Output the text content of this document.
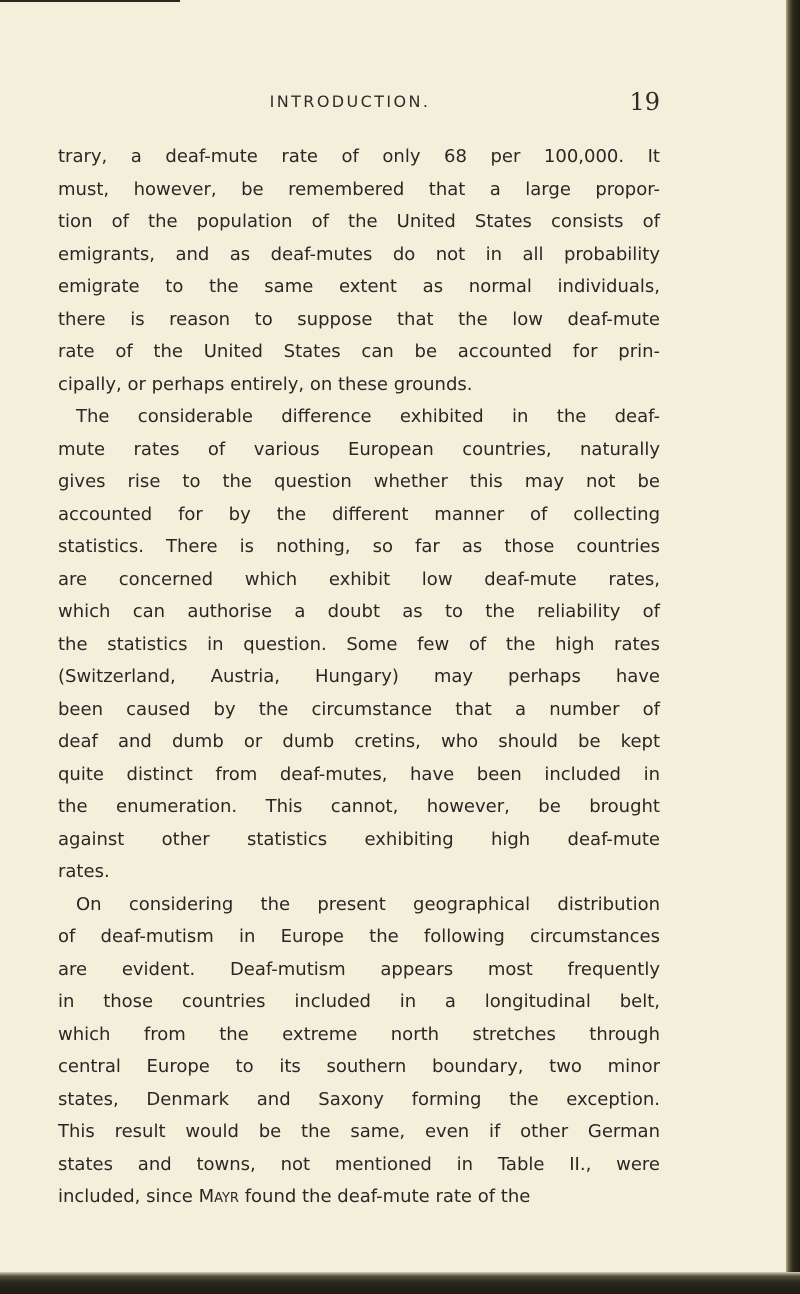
INTRODUCTION.	19
trary, a deaf-mute rate of only 68 per 100,000. It
must, however, be remembered that a large propor-
tion of the population of the United States consists of
emigrants, and as deaf-mutes do not in all probability
emigrate to the same extent as normal individuals,
there is reason to suppose that the low deaf-mute
rate of the United States can be accounted for prin-
cipally, or perhaps entirely, on these grounds.
The considerable difference exhibited in the deaf-
mute rates of various European countries, naturally
gives rise to the question whether this may not be
accounted for by the different manner of collecting
statistics. There is nothing, so far as those countries
are concerned which exhibit low deaf-mute rates,
which can authorise a doubt as to the reliability of
the statistics in question. Some few of the high rates
(Switzerland, Austria, Hungary) may perhaps have
been caused by the circumstance that a number of
deaf and dumb or dumb cretins, who should be kept
quite distinct from deaf-mutes, have been included in
the enumeration. This cannot, however, be brought
against other statistics exhibiting high deaf-mute
rates.
On considering the present geographical distribution
of deaf-mutism in Europe the following circumstances
are evident. Deaf-mutism appears most frequently
in those countries included in a longitudinal belt,
which from the extreme north stretches through
central Europe to its southern boundary, two minor
states, Denmark and Saxony forming the exception.
This result would be the same, even if other German
states and towns, not mentioned in Table II., were
included, since Mayr found the deaf-mute rate of the
